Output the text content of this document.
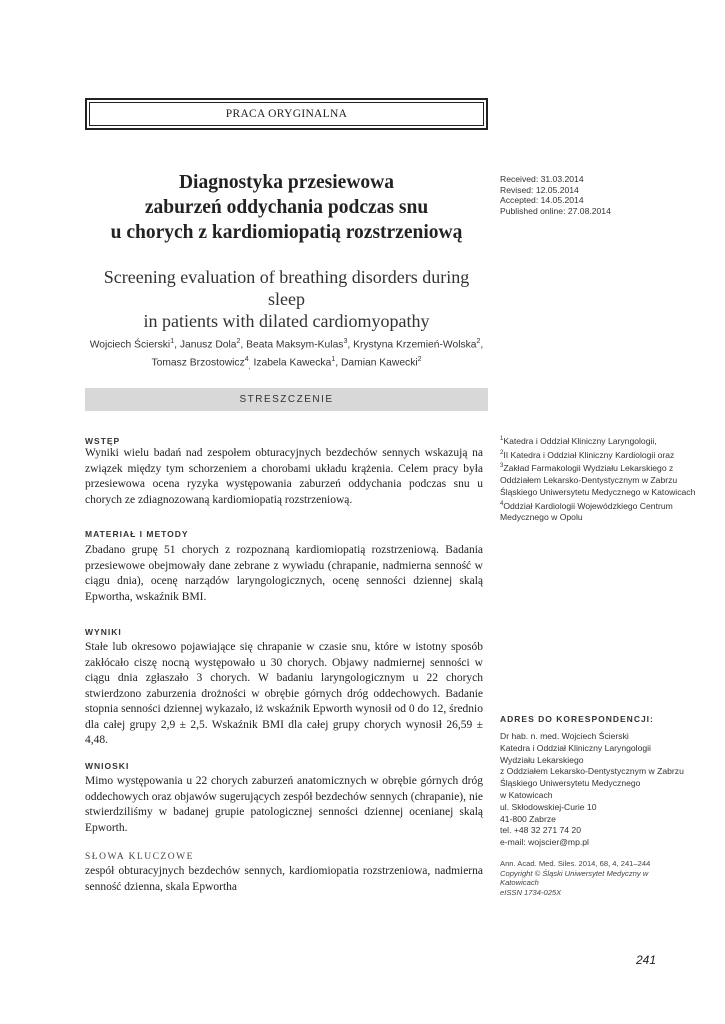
PRACA ORYGINALNA
Diagnostyka przesiewowa
zaburzeń oddychania podczas snu
u chorych z kardiomiopatią rozstrzeniową
Screening evaluation of breathing disorders during sleep
in patients with dilated cardiomyopathy
Wojciech Ścierski$^1$, Janusz Dola$^2$, Beata Maksym-Kulas$^3$, Krystyna Krzemień-Wolska$^2$,
Tomasz Brzostowicz$^4_,$ Izabela Kawecka$^1$, Damian Kawecki$^2$
Received: 31.03.2014
Revised: 12.05.2014
Accepted: 14.05.2014
Published online: 27.08.2014
STRESZCZENIE

WSTĘP

Wyniki wielu badań nad zespołem obturacyjnych bezdechów sennych wskazują na związek między tym schorzeniem a chorobami układu krążenia. Celem pracy była przesiewowa ocena ryzyka występowania zaburzeń oddychania podczas snu u chorych ze zdiagnozowaną kardiomiopatią rozstrzeniową.

MATERIAŁ I METODY

Zbadano grupę 51 chorych z rozpoznaną kardiomiopatią rozstrzeniową. Badania przesiewowe obejmowały dane zebrane z wywiadu (chrapanie, nadmierna senność w ciągu dnia), ocenę narządów laryngologicznych, ocenę senności dziennej skalą Epwortha, wskaźnik BMI.

WYNIKI

Stałe lub okresowo pojawiające się chrapanie w czasie snu, które w istotny sposób zakłócało ciszę nocną występowało u 30 chorych. Objawy nadmiernej senności w ciągu dnia zgłaszało 3 chorych. W badaniu laryngologicznym u 22 chorych stwierdzono zaburzenia drożności w obrębie górnych dróg oddechowych. Badanie stopnia senności dziennej wykazało, iż wskaźnik Epworth wynosił od 0 do 12, średnio dla całej grupy 2,9 ± 2,5. Wskaźnik BMI dla całej grupy chorych wynosił 26,59 ± 4,48.

WNIOSKI

Mimo występowania u 22 chorych zaburzeń anatomicznych w obrębie górnych dróg oddechowych oraz objawów sugerujących zespół bezdechów sennych (chrapanie), nie stwierdziliśmy w badanej grupie patologicznej senności dziennej ocenianej skalą Epworth.

SŁOWA KLUCZOWE

zespół obturacyjnych bezdechów sennych, kardiomiopatia rozstrzeniowa, nadmierna senność dzienna, skala Epwortha

$^1$Katedra i Oddział Kliniczny Laryngologii,
$^2$II Katedra i Oddział Kliniczny Kardiologii oraz
$^3$Zakład Farmakologii Wydziału Lekarskiego z Oddziałem Lekarsko-Dentystycznym w Zabrzu Śląskiego Uniwersytetu Medycznego w Katowicach
$^4$Oddział Kardiologii Wojewódzkiego Centrum Medycznego w Opolu
ADRES DO KORESPONDENCJI:
Dr hab. n. med. Wojciech Ścierski
Katedra i Oddział Kliniczny Laryngologii
Wydziału Lekarskiego
z Oddziałem Lekarsko-Dentystycznym w Zabrzu
Śląskiego Uniwersytetu Medycznego
w Katowicach
ul. Skłodowskiej-Curie 10
41-800 Zabrze
tel. +48 32 271 74 20
e-mail: wojscier@mp.pl
Ann. Acad. Med. Siles. 2014, 68, 4, 241–244
Copyright © Śląski Uniwersytet Medyczny w Katowicach
eISSN 1734-025X
241
